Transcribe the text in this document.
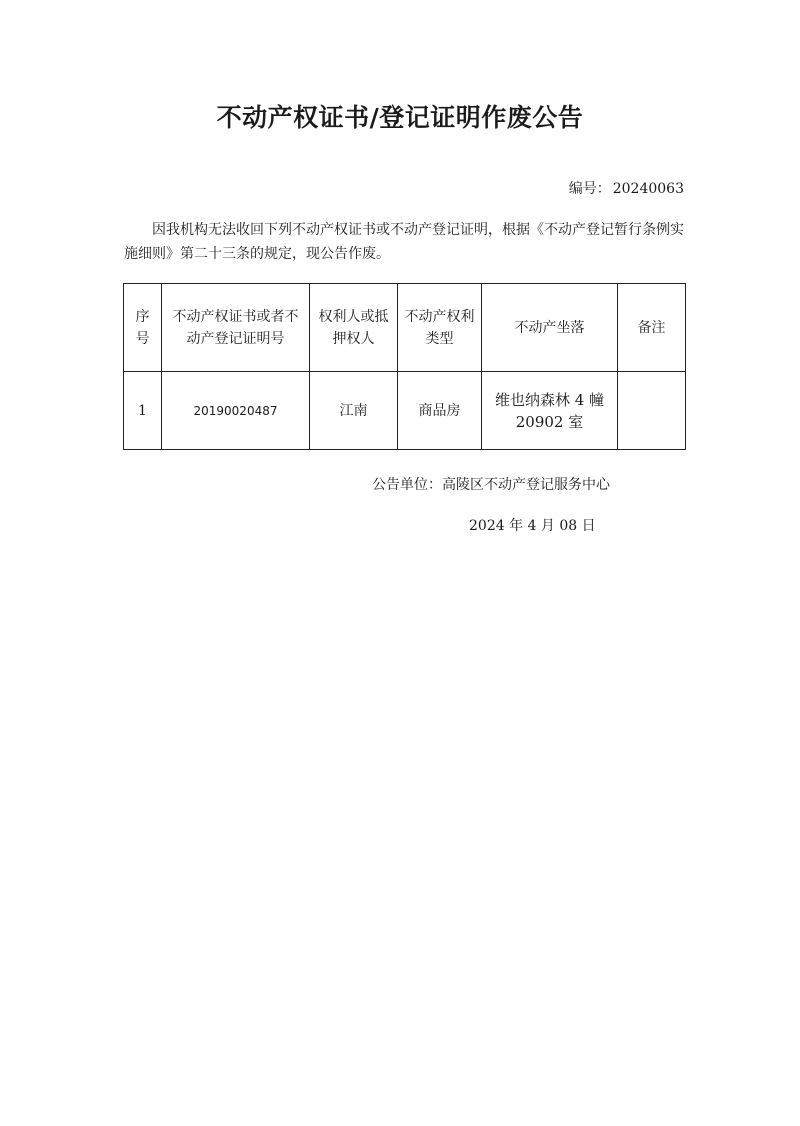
不动产权证书/登记证明作废公告
编号： 20240063

因我机构无法收回下列不动产权证书或不动产登记证明，根据《不动产登记暂行条例实施细则》第二十三条的规定，现公告作废。

序号	不动产权证书或者不动产登记证明号	权利人或抵押权人	不动产权利类型	不动产坐落	备注
1	20190020487	江南	商品房	维也纳森林 4 幢 20902 室	
公告单位：高陵区不动产登记服务中心
2024 年 4 月 08 日
